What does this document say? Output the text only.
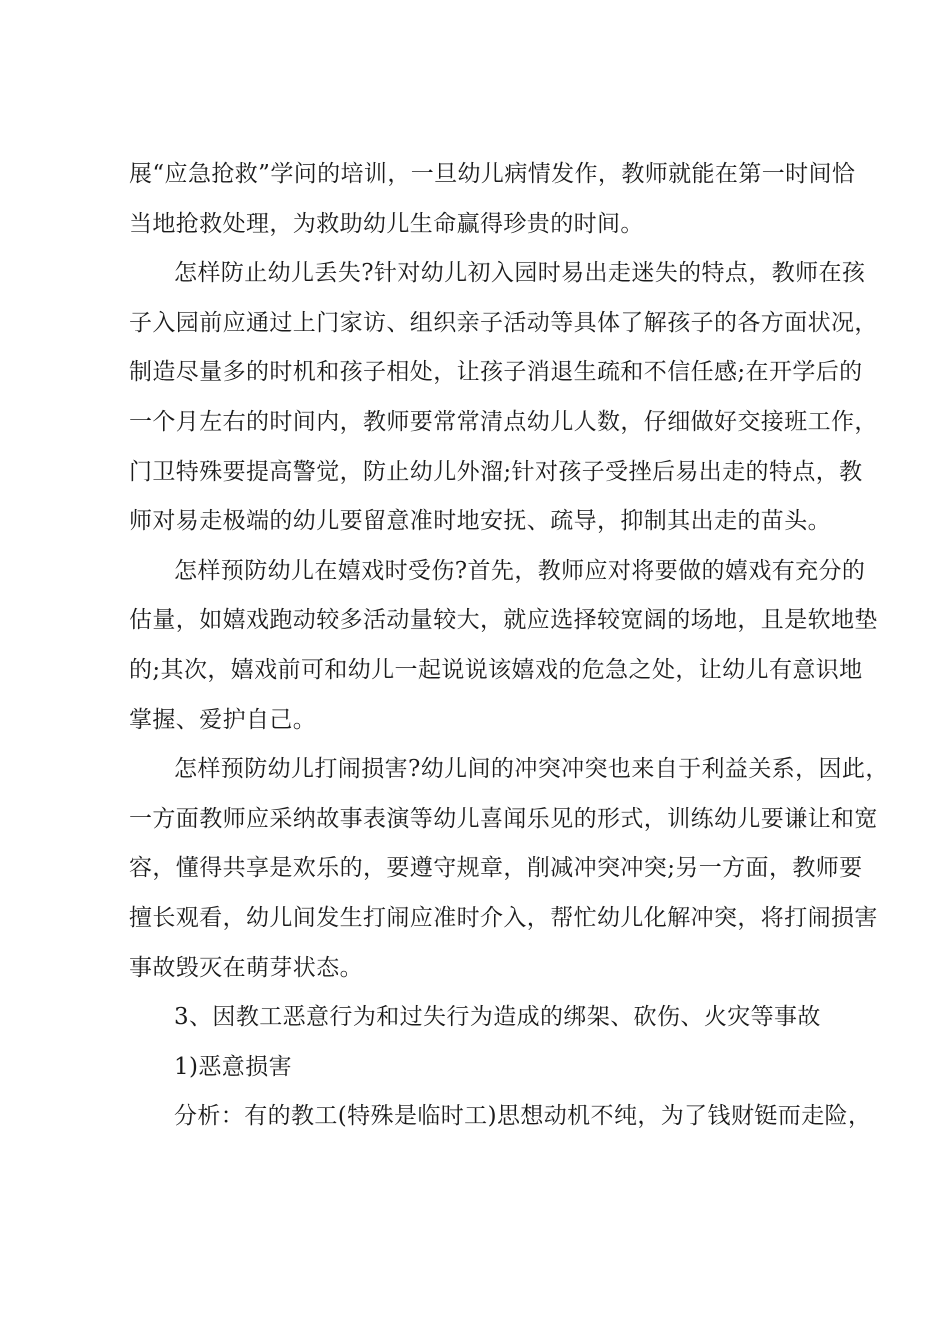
展“应急抢救”学问的培训，一旦幼儿病情发作，教师就能在第一时间恰
当地抢救处理，为救助幼儿生命赢得珍贵的时间。
怎样防止幼儿丢失?针对幼儿初入园时易出走迷失的特点，教师在孩
子入园前应通过上门家访、组织亲子活动等具体了解孩子的各方面状况，
制造尽量多的时机和孩子相处，让孩子消退生疏和不信任感;在开学后的
一个月左右的时间内，教师要常常清点幼儿人数，仔细做好交接班工作，
门卫特殊要提高警觉，防止幼儿外溜;针对孩子受挫后易出走的特点，教
师对易走极端的幼儿要留意准时地安抚、疏导，抑制其出走的苗头。
怎样预防幼儿在嬉戏时受伤?首先，教师应对将要做的嬉戏有充分的
估量，如嬉戏跑动较多活动量较大，就应选择较宽阔的场地，且是软地垫
的;其次，嬉戏前可和幼儿一起说说该嬉戏的危急之处，让幼儿有意识地
掌握、爱护自己。
怎样预防幼儿打闹损害?幼儿间的冲突冲突也来自于利益关系，因此，
一方面教师应采纳故事表演等幼儿喜闻乐见的形式，训练幼儿要谦让和宽
容，懂得共享是欢乐的，要遵守规章，削减冲突冲突;另一方面，教师要
擅长观看，幼儿间发生打闹应准时介入，帮忙幼儿化解冲突，将打闹损害
事故毁灭在萌芽状态。
3、因教工恶意行为和过失行为造成的绑架、砍伤、火灾等事故
1)恶意损害
分析：有的教工(特殊是临时工)思想动机不纯，为了钱财铤而走险，
